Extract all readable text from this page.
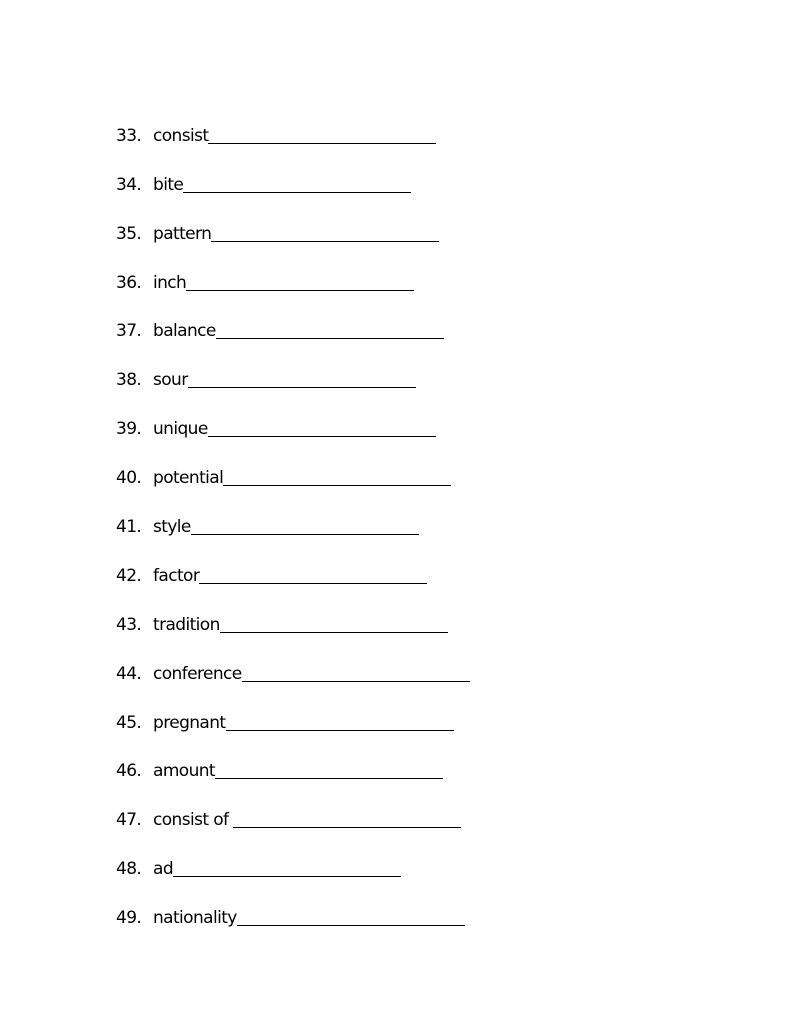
33. consist
34. bite
35. pattern
36. inch
37. balance
38. sour
39. unique
40. potential
41. style
42. factor
43. tradition
44. conference
45. pregnant
46. amount
47. consist of
48. ad
49. nationality
